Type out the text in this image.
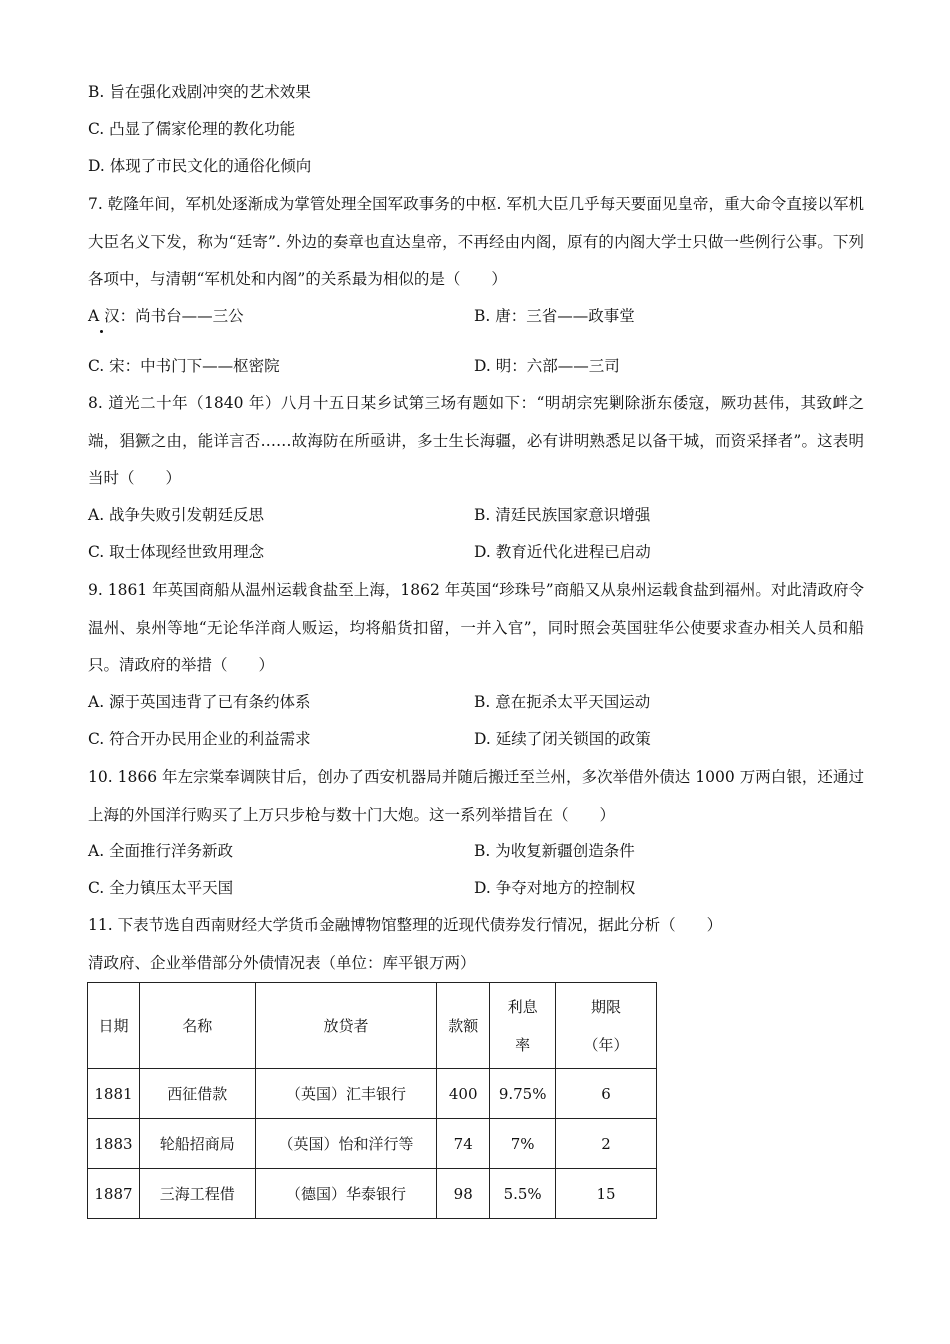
B. 旨在强化戏剧冲突的艺术效果
C. 凸显了儒家伦理的教化功能
D. 体现了市民文化的通俗化倾向
7. 乾隆年间，军机处逐渐成为掌管处理全国军政事务的中枢. 军机大臣几乎每天要面见皇帝，重大命令直接以军机大臣名义下发，称为“廷寄”. 外边的奏章也直达皇帝，不再经由内阁，原有的内阁大学士只做一些例行公事。下列各项中，与清朝“军机处和内阁”的关系最为相似的是（　　）
A 汉：尚书台——三公	B. 唐：三省——政事堂
C. 宋：中书门下——枢密院	D. 明：六部——三司
8. 道光二十年（1840 年）八月十五日某乡试第三场有题如下：“明胡宗宪剿除浙东倭寇，厥功甚伟，其致衅之端，猖獗之由，能详言否……故海防在所亟讲，多士生长海疆，必有讲明熟悉足以备干城，而资采择者”。这表明当时（　　）
A. 战争失败引发朝廷反思	B. 清廷民族国家意识增强
C. 取士体现经世致用理念	D. 教育近代化进程已启动
9. 1861 年英国商船从温州运载食盐至上海，1862 年英国“珍珠号”商船又从泉州运载食盐到福州。对此清政府令温州、泉州等地“无论华洋商人贩运，均将船货扣留，一并入官”，同时照会英国驻华公使要求查办相关人员和船只。清政府的举措（　　）
A. 源于英国违背了已有条约体系	B. 意在扼杀太平天国运动
C. 符合开办民用企业的利益需求	D. 延续了闭关锁国的政策
10. 1866 年左宗棠奉调陕甘后，创办了西安机器局并随后搬迁至兰州，多次举借外债达 1000 万两白银，还通过上海的外国洋行购买了上万只步枪与数十门大炮。这一系列举措旨在（　　）
A. 全面推行洋务新政	B. 为收复新疆创造条件
C. 全力镇压太平天国	D. 争夺对地方的控制权
11. 下表节选自西南财经大学货币金融博物馆整理的近现代债券发行情况，据此分析（　　）
清政府、企业举借部分外债情况表（单位：库平银万两）
日期	名称	放贷者	款额	利息率	期限（年）
1881	西征借款	（英国）汇丰银行	400	9.75%	6
1883	轮船招商局	（英国）怡和洋行等	74	7%	2
1887	三海工程借	（德国）华泰银行	98	5.5%	15
